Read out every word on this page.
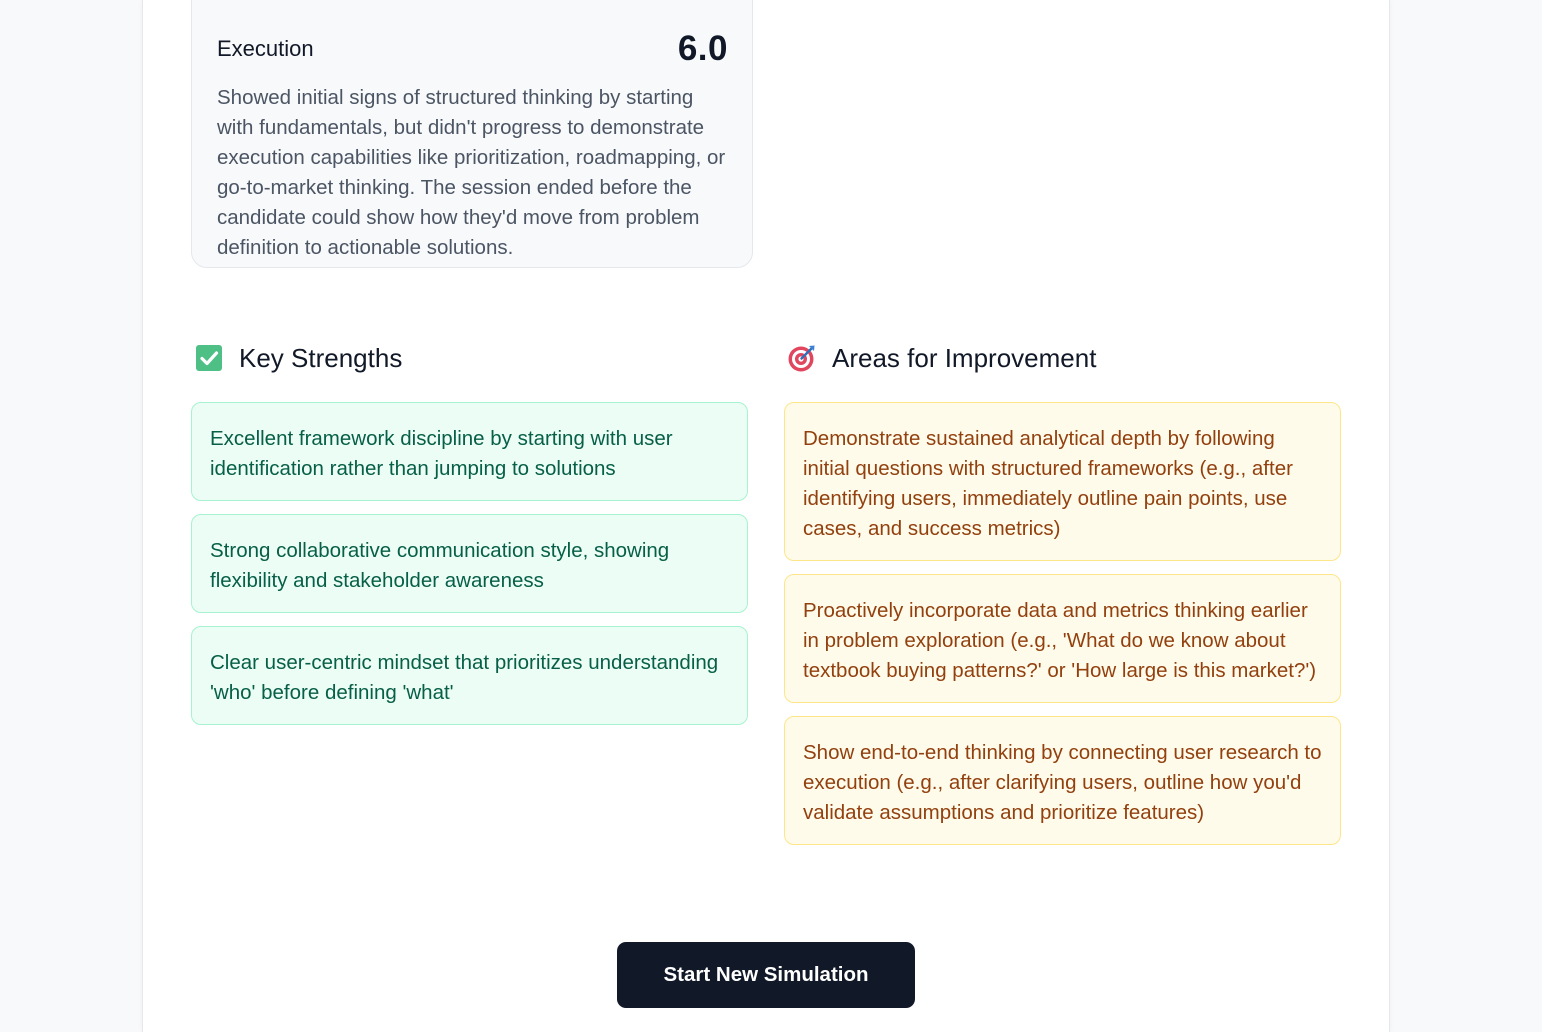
Execution	6.0
Showed initial signs of structured thinking by starting with fundamentals, but didn't progress to demonstrate execution capabilities like prioritization, roadmapping, or go-to-market thinking. The session ended before the candidate could show how they'd move from problem definition to actionable solutions.
Key Strengths
Excellent framework discipline by starting with user identification rather than jumping to solutions
Strong collaborative communication style, showing flexibility and stakeholder awareness
Clear user-centric mindset that prioritizes understanding 'who' before defining 'what'
Areas for Improvement
Demonstrate sustained analytical depth by following initial questions with structured frameworks (e.g., after identifying users, immediately outline pain points, use cases, and success metrics)
Proactively incorporate data and metrics thinking earlier in problem exploration (e.g., 'What do we know about textbook buying patterns?' or 'How large is this market?')
Show end-to-end thinking by connecting user research to execution (e.g., after clarifying users, outline how you'd validate assumptions and prioritize features)
Start New Simulation
